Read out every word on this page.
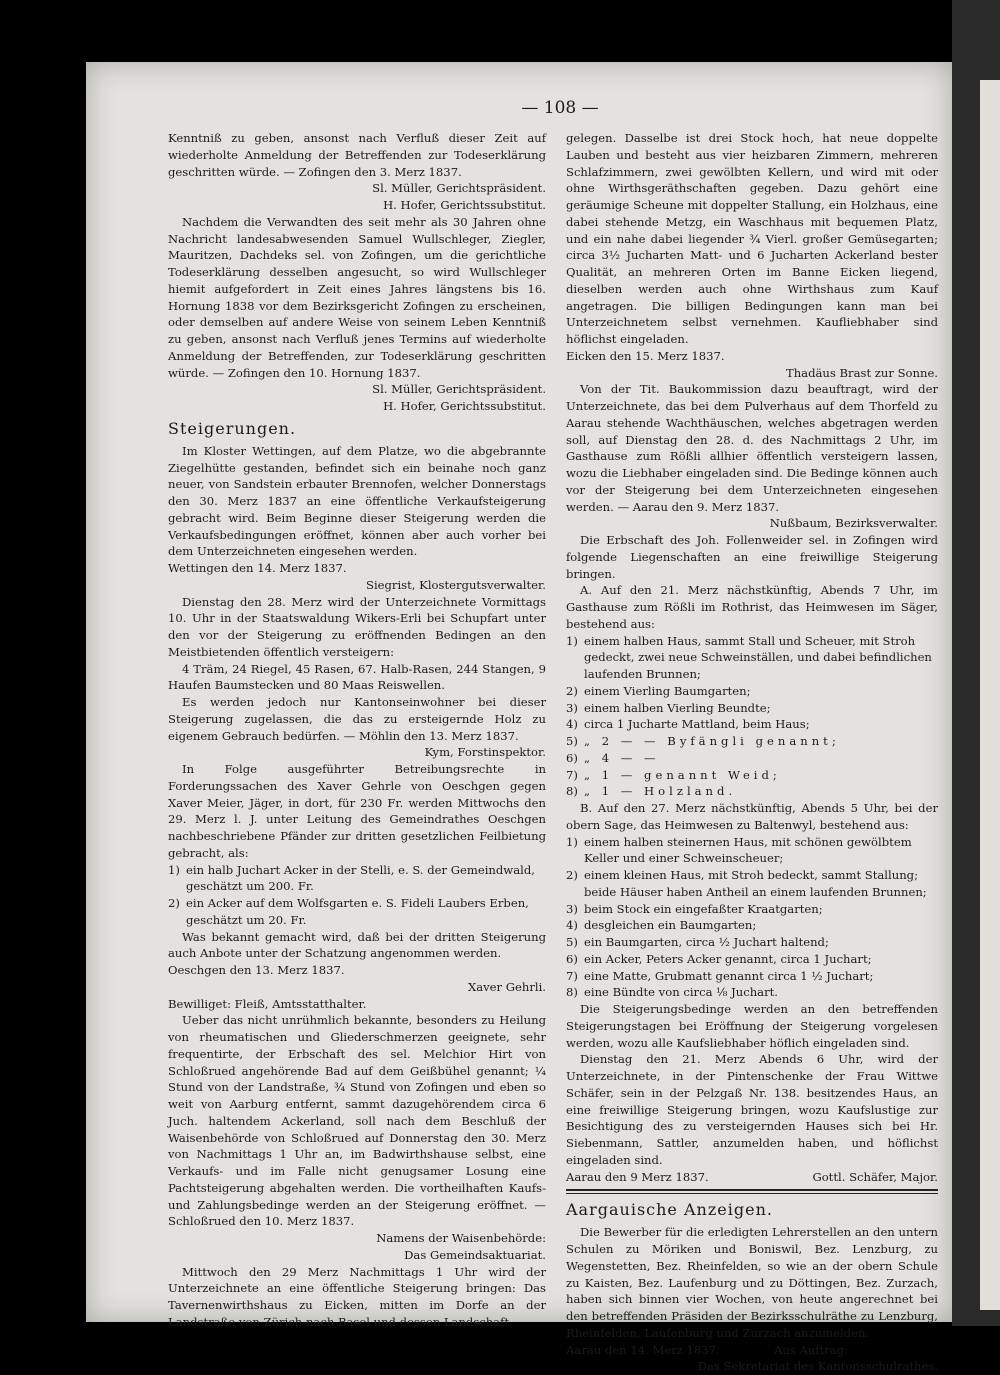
— 108 —

Kenntniß zu geben, ansonst nach Verfluß dieser Zeit auf wiederholte Anmeldung der Betreffenden zur Todeserklärung geschritten würde. — Zofingen den 3. Merz 1837.

Sl. Müller, Gerichtspräsident.

H. Hofer, Gerichtssubstitut.

Nachdem die Verwandten des seit mehr als 30 Jahren ohne Nachricht landesabwesenden Samuel Wullschleger, Ziegler, Mauritzen, Dachdeks sel. von Zofingen, um die gerichtliche Todeserklärung desselben angesucht, so wird Wullschleger hiemit aufgefordert in Zeit eines Jahres längstens bis 16. Hornung 1838 vor dem Bezirksgericht Zofingen zu erscheinen, oder demselben auf andere Weise von seinem Leben Kenntniß zu geben, ansonst nach Verfluß jenes Termins auf wiederholte Anmeldung der Betreffenden, zur Todeserklärung geschritten würde. — Zofingen den 10. Hornung 1837.

Sl. Müller, Gerichtspräsident.

H. Hofer, Gerichtssubstitut.

Steigerungen.

Im Kloster Wettingen, auf dem Platze, wo die abgebrannte Ziegelhütte gestanden, befindet sich ein beinahe noch ganz neuer, von Sandstein erbauter Brennofen, welcher Donnerstags den 30. Merz 1837 an eine öffentliche Verkaufsteigerung gebracht wird. Beim Beginne dieser Steigerung werden die Verkaufsbedingungen eröffnet, können aber auch vorher bei dem Unterzeichneten eingesehen werden.

Wettingen den 14. Merz 1837.

Siegrist, Klostergutsverwalter.

Dienstag den 28. Merz wird der Unterzeichnete Vormittags 10. Uhr in der Staatswaldung Wikers-Erli bei Schupfart unter den vor der Steigerung zu eröffnenden Bedingen an den Meistbietenden öffentlich versteigern:

4 Träm, 24 Riegel, 45 Rasen, 67. Halb-Rasen, 244 Stangen, 9 Haufen Baumstecken und 80 Maas Reiswellen.

Es werden jedoch nur Kantonseinwohner bei dieser Steigerung zugelassen, die das zu ersteigernde Holz zu eigenem Gebrauch bedürfen. — Möhlin den 13. Merz 1837.

Kym, Forstinspektor.

In Folge ausgeführter Betreibungsrechte in Forderungssachen des Xaver Gehrle von Oeschgen gegen Xaver Meier, Jäger, in dort, für 230 Fr. werden Mittwochs den 29. Merz l. J. unter Leitung des Gemeindrathes Oeschgen nachbeschriebene Pfänder zur dritten gesetzlichen Feilbietung gebracht, als:

1) ein halb Juchart Acker in der Stelli, e. S. der Gemeindwald, geschätzt um 200. Fr.
2) ein Acker auf dem Wolfsgarten e. S. Fideli Laubers Erben, geschätzt um 20. Fr.

Was bekannt gemacht wird, daß bei der dritten Steigerung auch Anbote unter der Schatzung angenommen werden.

Oeschgen den 13. Merz 1837.

Xaver Gehrli.

Bewilliget: Fleiß, Amtsstatthalter.

Ueber das nicht unrühmlich bekannte, besonders zu Heilung von rheumatischen und Gliederschmerzen geeignete, sehr frequentirte, der Erbschaft des sel. Melchior Hirt von Schloßrued angehörende Bad auf dem Geißbühel genannt; ¼ Stund von der Landstraße, ¾ Stund von Zofingen und eben so weit von Aarburg entfernt, sammt dazugehörendem circa 6 Juch. haltendem Ackerland, soll nach dem Beschluß der Waisenbehörde von Schloßrued auf Donnerstag den 30. Merz von Nachmittags 1 Uhr an, im Badwirthshause selbst, eine Verkaufs- und im Falle nicht genugsamer Losung eine Pachtsteigerung abgehalten werden. Die vortheilhaften Kaufs- und Zahlungsbedinge werden an der Steigerung eröffnet. — Schloßrued den 10. Merz 1837.

Namens der Waisenbehörde:

Das Gemeindsaktuariat.

Mittwoch den 29 Merz Nachmittags 1 Uhr wird der Unterzeichnete an eine öffentliche Steigerung bringen: Das Tavernenwirthshaus zu Eicken, mitten im Dorfe an der Landstraße von Zürich nach Basel und dessen Landschaft

gelegen. Dasselbe ist drei Stock hoch, hat neue doppelte Lauben und besteht aus vier heizbaren Zimmern, mehreren Schlafzimmern, zwei gewölbten Kellern, und wird mit oder ohne Wirthsgeräthschaften gegeben. Dazu gehört eine geräumige Scheune mit doppelter Stallung, ein Holzhaus, eine dabei stehende Metzg, ein Waschhaus mit bequemen Platz, und ein nahe dabei liegender ¾ Vierl. großer Gemüsegarten; circa 3½ Jucharten Matt- und 6 Jucharten Ackerland bester Qualität, an mehreren Orten im Banne Eicken liegend, dieselben werden auch ohne Wirthshaus zum Kauf angetragen. Die billigen Bedingungen kann man bei Unterzeichnetem selbst vernehmen. Kaufliebhaber sind höflichst eingeladen.

Eicken den 15. Merz 1837.

Thadäus Brast zur Sonne.

Von der Tit. Baukommission dazu beauftragt, wird der Unterzeichnete, das bei dem Pulverhaus auf dem Thorfeld zu Aarau stehende Wachthäuschen, welches abgetragen werden soll, auf Dienstag den 28. d. des Nachmittags 2 Uhr, im Gasthause zum Rößli allhier öffentlich versteigern lassen, wozu die Liebhaber eingeladen sind. Die Bedinge können auch vor der Steigerung bei dem Unterzeichneten eingesehen werden. — Aarau den 9. Merz 1837.

Nußbaum, Bezirksverwalter.

Die Erbschaft des Joh. Follenweider sel. in Zofingen wird folgende Liegenschaften an eine freiwillige Steigerung bringen.

A. Auf den 21. Merz nächstkünftig, Abends 7 Uhr, im Gasthause zum Rößli im Rothrist, das Heimwesen im Säger, bestehend aus:

1) einem halben Haus, sammt Stall und Scheuer, mit Stroh gedeckt, zwei neue Schweinställen, und dabei befindlichen laufenden Brunnen;
2) einem Vierling Baumgarten;
3) einem halben Vierling Beundte;
4) circa 1 Jucharte Mattland, beim Haus;
5) „ 2 — — Byfängli genannt;
6) „ 4 — —
7) „ 1 — genannt Weid;
8) „ 1 — Holzland.

B. Auf den 27. Merz nächstkünftig, Abends 5 Uhr, bei der obern Sage, das Heimwesen zu Baltenwyl, bestehend aus:

1) einem halben steinernen Haus, mit schönen gewölbtem Keller und einer Schweinscheuer;
2) einem kleinen Haus, mit Stroh bedeckt, sammt Stallung; beide Häuser haben Antheil an einem laufenden Brunnen;
3) beim Stock ein eingefaßter Kraatgarten;
4) desgleichen ein Baumgarten;
5) ein Baumgarten, circa ½ Juchart haltend;
6) ein Acker, Peters Acker genannt, circa 1 Juchart;
7) eine Matte, Grubmatt genannt circa 1 ½ Juchart;
8) eine Bündte von circa ⅛ Juchart.

Die Steigerungsbedinge werden an den betreffenden Steigerungstagen bei Eröffnung der Steigerung vorgelesen werden, wozu alle Kaufsliebhaber höflich eingeladen sind.

Dienstag den 21. Merz Abends 6 Uhr, wird der Unterzeichnete, in der Pintenschenke der Frau Wittwe Schäfer, sein in der Pelzgaß Nr. 138. besitzendes Haus, an eine freiwillige Steigerung bringen, wozu Kaufslustige zur Besichtigung des zu versteigernden Hauses sich bei Hr. Siebenmann, Sattler, anzumelden haben, und höflichst eingeladen sind.

Aarau den 9 Merz 1837.	Gottl. Schäfer, Major.

Aargauische Anzeigen.

Die Bewerber für die erledigten Lehrerstellen an den untern Schulen zu Möriken und Boniswil, Bez. Lenzburg, zu Wegenstetten, Bez. Rheinfelden, so wie an der obern Schule zu Kaisten, Bez. Laufenburg und zu Döttingen, Bez. Zurzach, haben sich binnen vier Wochen, von heute angerechnet bei den betreffenden Präsiden der Bezirksschulräthe zu Lenzburg, Rheinfelden, Laufenburg und Zurzach anzumelden.

Aarau den 14. Merz 1837.	Aus Auftrag:

Das Sekretariat des Kantonsschulrathes.
